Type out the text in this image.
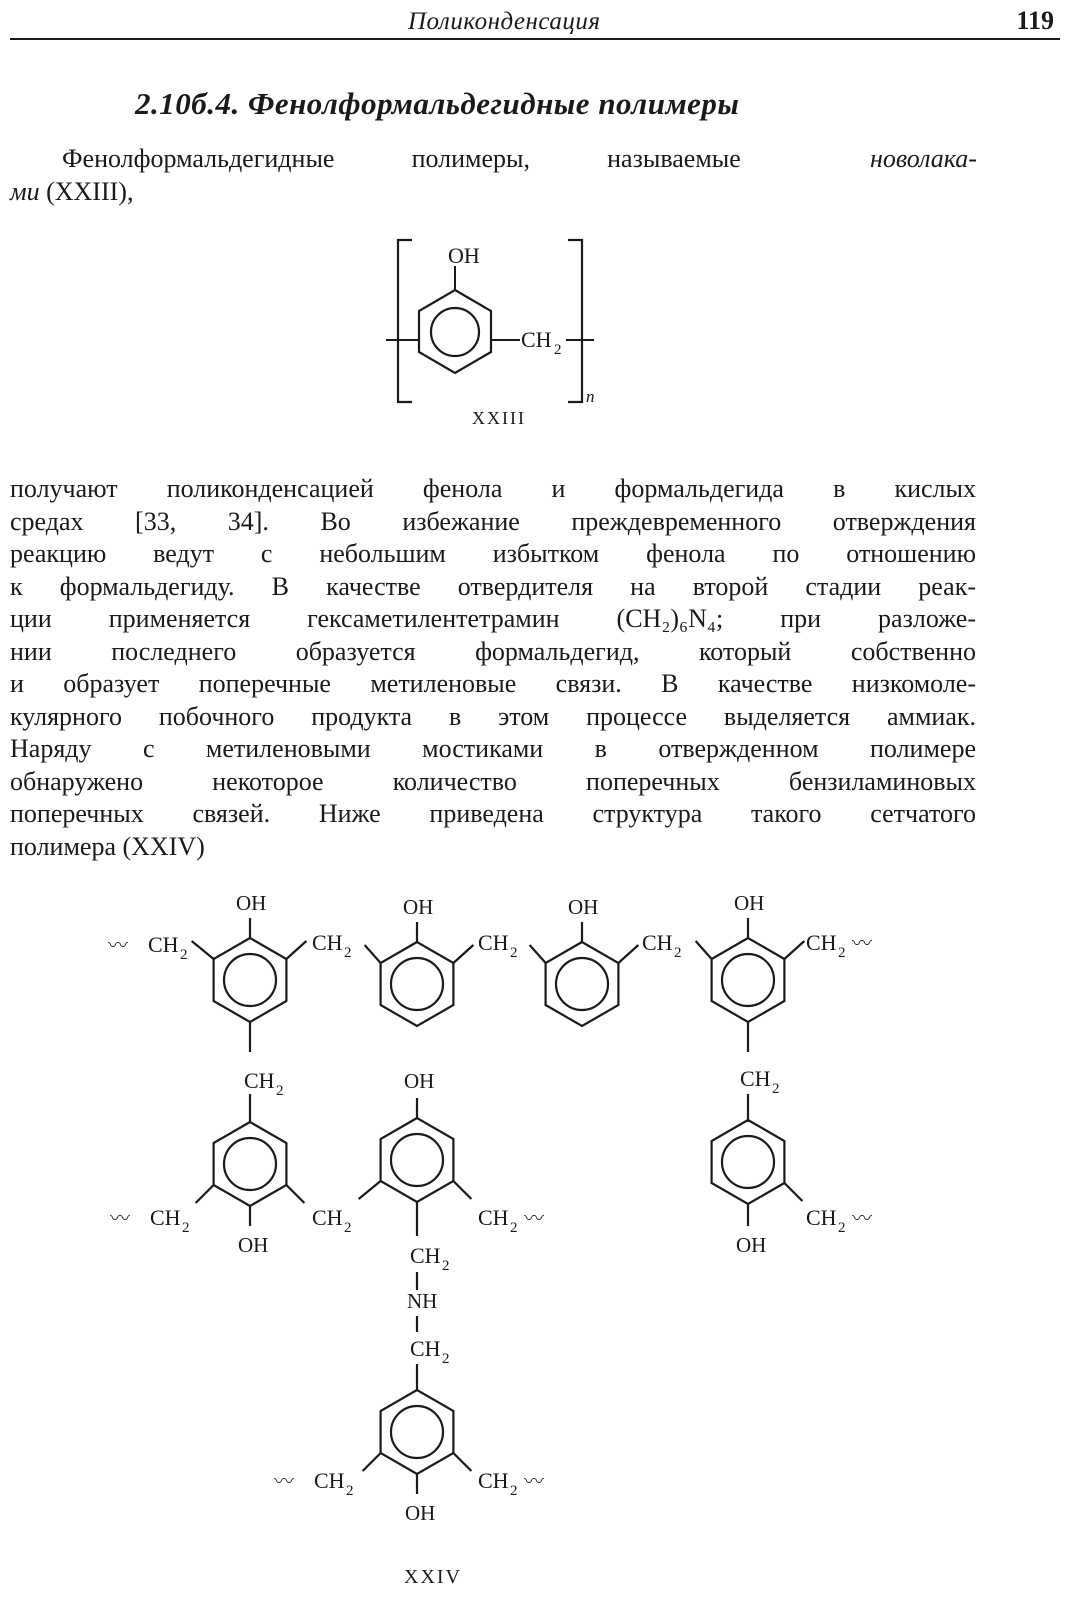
Поликонденсация	119
2.10б.4. Фенолформальдегидные полимеры
Фенолформальдегидные	полимеры,	называемые	новолака-
ми (XXIII),
OH
CH 2
n
XXIII
получают поликонденсацией фенола и формальдегида в кислых
средах [33, 34]. Во избежание преждевременного отверждения
реакцию ведут с небольшим избытком фенола по отношению
к формальдегиду. В качестве отвердителя на второй стадии реак-
ции применяется гексаметилентетрамин (CH₂)₆N₄; при разложе-
нии последнего образуется формальдегид, который собственно
и образует поперечные метиленовые связи. В качестве низкомоле-
кулярного побочного продукта в этом процессе выделяется аммиак.
Наряду с метиленовыми мостиками в отвержденном полимере
обнаружено некоторое количество поперечных бензиламиновых
поперечных связей. Ниже приведена структура такого сетчатого
полимера (XXIV)
OH	OH	OH	OH
〰 CH 2	CH 2	CH 2	CH 2	CH 2 〰
CH 2	CH 2
OH
〰 CH 2	CH 2
OH
CH 2 〰
CH 2
NH
CH 2
OH
CH 2 〰
OH
〰 CH 2	CH 2 〰
XXIV
